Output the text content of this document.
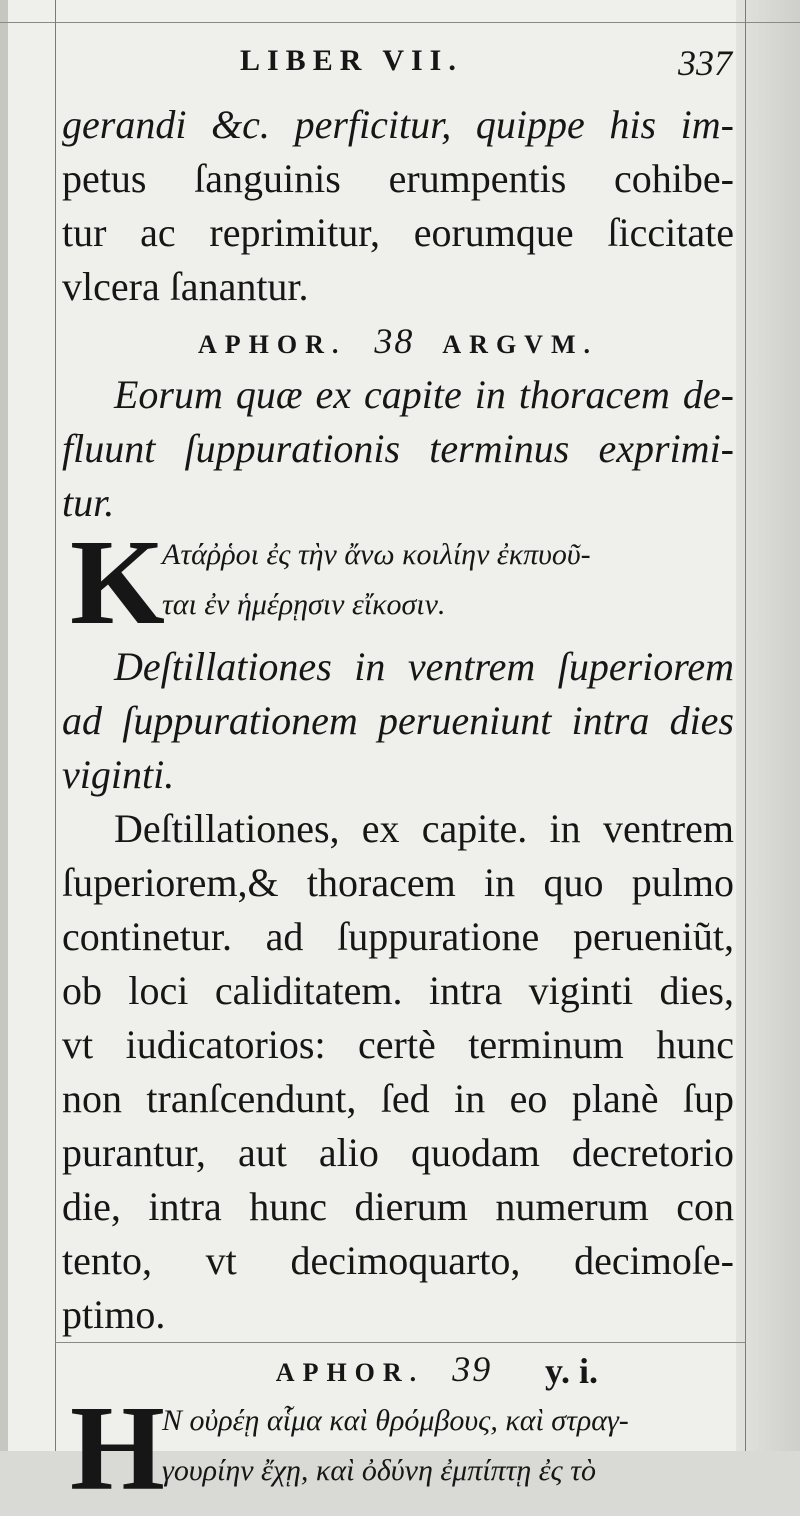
LIBER VII.	337
gerandi &c. perficitur, quippe his im-
petus ſanguinis erumpentis cohibe-
tur ac reprimitur, eorumque ſiccitate
vlcera ſanantur.
APHOR. 38 ARGVM.
Eorum quæ ex capite in thoracem de-
fluunt ſuppurationis terminus exprimi-
tur.
K
Ατάῤῥοι ἐς τὴν ἄνω κοιλίην ἐκπυοῦ-
ται ἐν ἡμέρῃσιν εἴκοσιν.
Deſtillationes in ventrem ſuperiorem
ad ſuppurationem perueniunt intra dies
viginti.
Deſtillationes, ex capite. in ventrem
ſuperiorem,& thoracem in quo pulmo
continetur. ad ſuppuratione perueniũt,
ob loci caliditatem. intra viginti dies,
vt iudicatorios: certè terminum hunc
non tranſcendunt, ſed in eo planè ſup
purantur, aut alio quodam decretorio
die, intra hunc dierum numerum con
tento, vt decimoquarto, decimoſe-
ptimo.
APHOR. 39
H
Ν οὐρέῃ αἷμα καὶ θρόμβους, καὶ στραγ-
γουρίην ἔχῃ, καὶ ὀδύνη ἐμπίπτῃ ἐς τὸ
y. i.
